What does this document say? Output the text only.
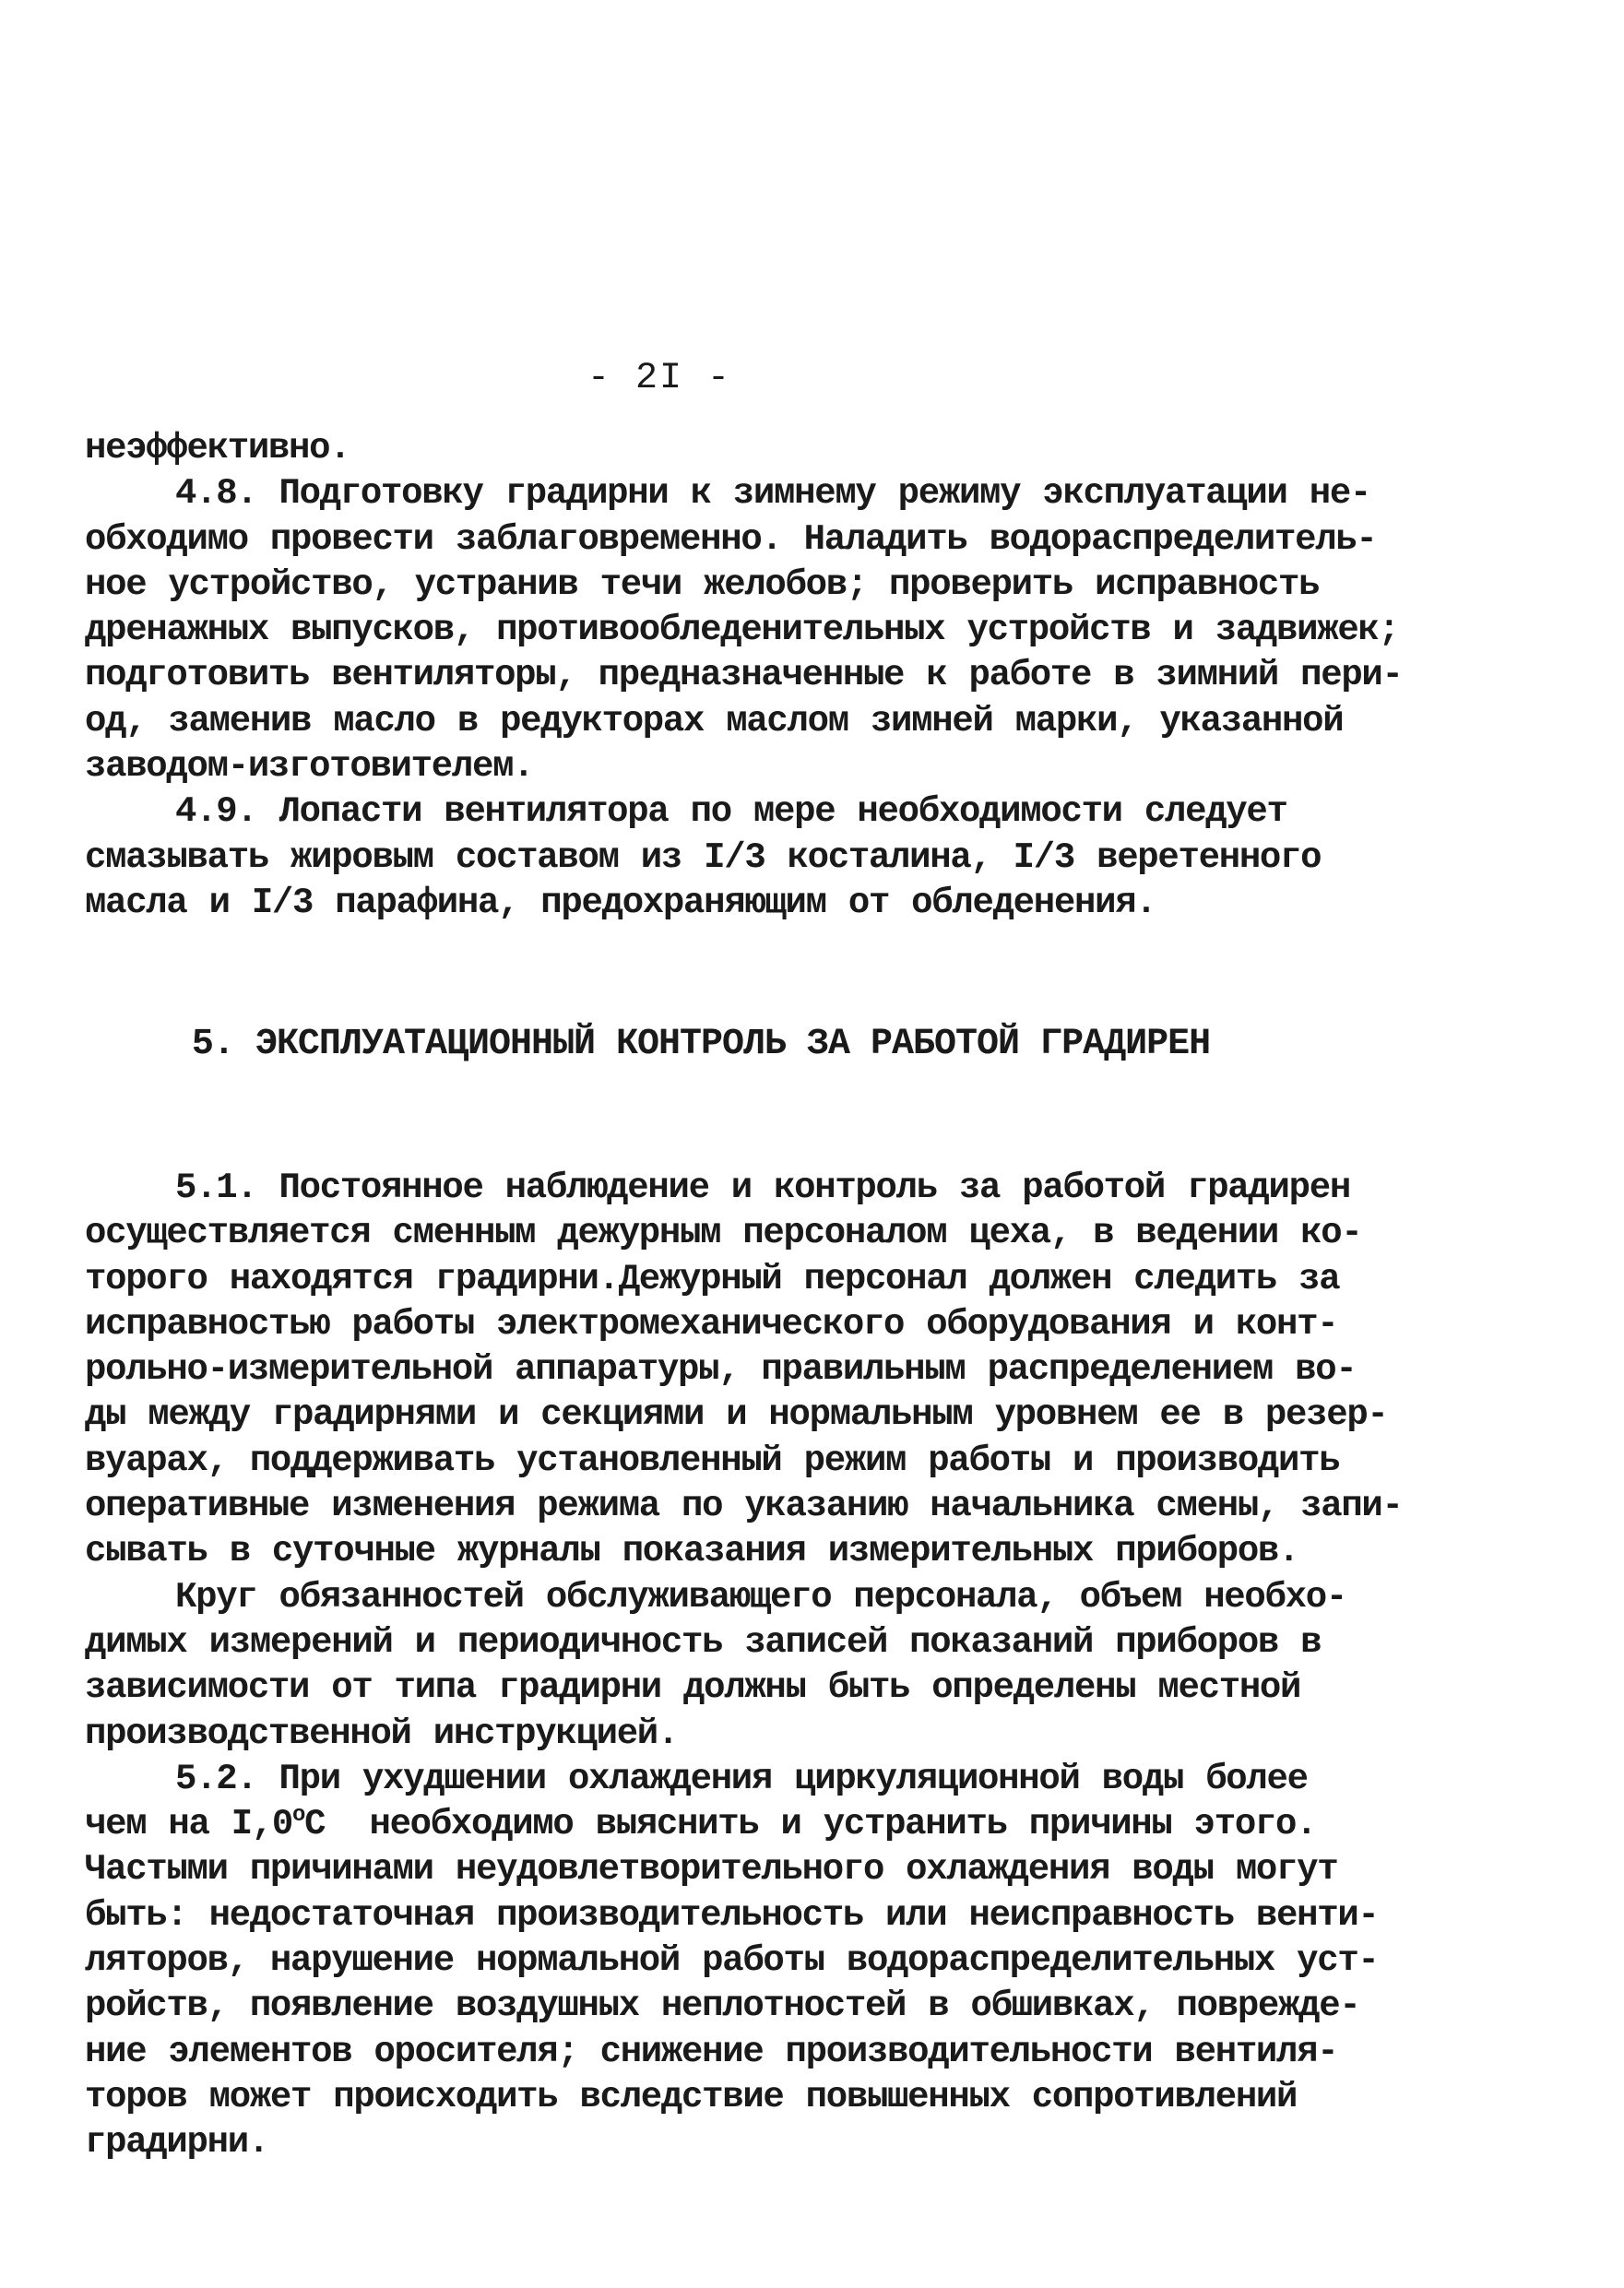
- 2I -
неэффективно.
4.8. Подготовку градирни к зимнему режиму эксплуатации не-
обходимо провести заблаговременно. Наладить водораспределитель-
ное устройство, устранив течи желобов; проверить исправность
дренажных выпусков, противообледенительных устройств и задвижек;
подготовить вентиляторы, предназначенные к работе в зимний пери-
од, заменив масло в редукторах маслом зимней марки, указанной
заводом-изготовителем.
4.9. Лопасти вентилятора по мере необходимости следует
смазывать жировым составом из I/3 косталина, I/3 веретенного
масла и I/3 парафина, предохраняющим от обледенения.
5. ЭКСПЛУАТАЦИОННЫЙ КОНТРОЛЬ ЗА РАБОТОЙ ГРАДИРЕН
5.1. Постоянное наблюдение и контроль за работой градирен
осуществляется сменным дежурным персоналом цеха, в ведении ко-
торого находятся градирни.Дежурный персонал должен следить за
исправностью работы электромеханического оборудования и конт-
рольно-измерительной аппаратуры, правильным распределением во-
ды между градирнями и секциями и нормальным уровнем ее в резер-
вуарах, поддерживать установленный режим работы и производить
оперативные изменения режима по указанию начальника смены, запи-
сывать в суточные журналы показания измерительных приборов.
Круг обязанностей обслуживающего персонала, объем необхо-
димых измерений и периодичность записей показаний приборов в
зависимости от типа градирни должны быть определены местной
производственной инструкцией.
5.2. При ухудшении охлаждения циркуляционной воды более
чем на $I,0^оC$  необходимо выяснить и устранить причины этого.
Частыми причинами неудовлетворительного охлаждения воды могут
быть: недостаточная производительность или неисправность венти-
ляторов, нарушение нормальной работы водораспределительных уст-
ройств, появление воздушных неплотностей в обшивках, поврежде-
ние элементов оросителя; снижение производительности вентиля-
торов может происходить вследствие повышенных сопротивлений
градирни.
